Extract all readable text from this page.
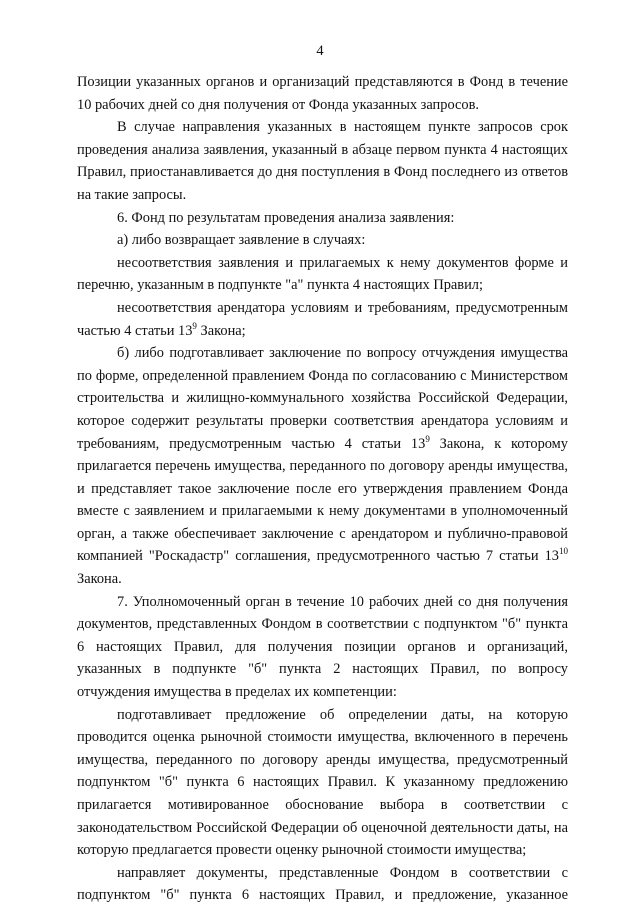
4

Позиции указанных органов и организаций представляются в Фонд в течение 10 рабочих дней со дня получения от Фонда указанных запросов.

В случае направления указанных в настоящем пункте запросов срок проведения анализа заявления, указанный в абзаце первом пункта 4 настоящих Правил, приостанавливается до дня поступления в Фонд последнего из ответов на такие запросы.

6. Фонд по результатам проведения анализа заявления:

а) либо возвращает заявление в случаях:

несоответствия заявления и прилагаемых к нему документов форме и перечню, указанным в подпункте "а" пункта 4 настоящих Правил;

несоответствия арендатора условиям и требованиям, предусмотренным частью 4 статьи $13^9$ Закона;

б) либо подготавливает заключение по вопросу отчуждения имущества по форме, определенной правлением Фонда по согласованию с Министерством строительства и жилищно-коммунального хозяйства Российской Федерации, которое содержит результаты проверки соответствия арендатора условиям и требованиям, предусмотренным частью 4 статьи $13^9$ Закона, к которому прилагается перечень имущества, переданного по договору аренды имущества, и представляет такое заключение после его утверждения правлением Фонда вместе с заявлением и прилагаемыми к нему документами в уполномоченный орган, а также обеспечивает заключение с арендатором и публично-правовой компанией "Роскадастр" соглашения, предусмотренного частью 7 статьи $13^{10}$ Закона.

7. Уполномоченный орган в течение 10 рабочих дней со дня получения документов, представленных Фондом в соответствии с подпунктом "б" пункта 6 настоящих Правил, для получения позиции органов и организаций, указанных в подпункте "б" пункта 2 настоящих Правил, по вопросу отчуждения имущества в пределах их компетенции:

подготавливает предложение об определении даты, на которую проводится оценка рыночной стоимости имущества, включенного в перечень имущества, переданного по договору аренды имущества, предусмотренный подпунктом "б" пункта 6 настоящих Правил. К указанному предложению прилагается мотивированное обоснование выбора в соответствии с законодательством Российской Федерации об оценочной деятельности даты, на которую предлагается провести оценку рыночной стоимости имущества;

направляет документы, представленные Фондом в соответствии с подпунктом "б" пункта 6 настоящих Правил, и предложение, указанное
